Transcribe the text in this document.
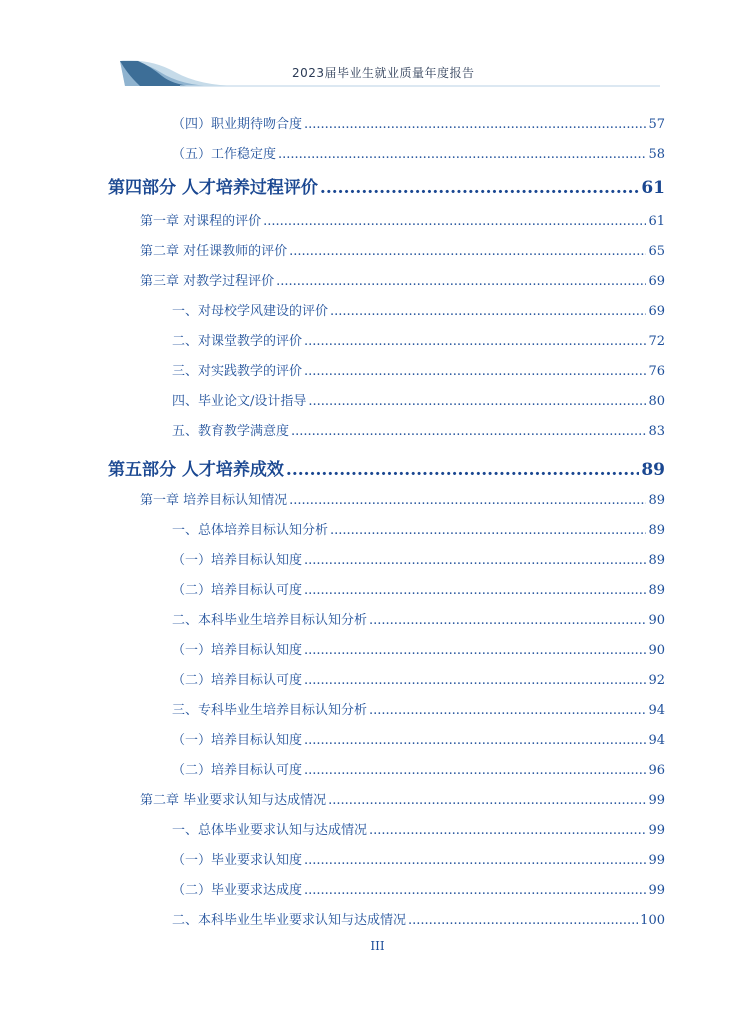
2023届毕业生就业质量年度报告
（四）职业期待吻合度 .....	57
（五）工作稳定度 .....	58
第四部分 人才培养过程评价 .....	61
第一章 对课程的评价 .....	61
第二章 对任课教师的评价 .....	65
第三章 对教学过程评价 .....	69
一、对母校学风建设的评价 .....	69
二、对课堂教学的评价 .....	72
三、对实践教学的评价 .....	76
四、毕业论文/设计指导 .....	80
五、教育教学满意度 .....	83
第五部分 人才培养成效 .....	89
第一章 培养目标认知情况 .....	89
一、总体培养目标认知分析 .....	89
（一）培养目标认知度 .....	89
（二）培养目标认可度 .....	89
二、本科毕业生培养目标认知分析 .....	90
（一）培养目标认知度 .....	90
（二）培养目标认可度 .....	92
三、专科毕业生培养目标认知分析 .....	94
（一）培养目标认知度 .....	94
（二）培养目标认可度 .....	96
第二章 毕业要求认知与达成情况 .....	99
一、总体毕业要求认知与达成情况 .....	99
（一）毕业要求认知度 .....	99
（二）毕业要求达成度 .....	99
二、本科毕业生毕业要求认知与达成情况 .....	100
III
